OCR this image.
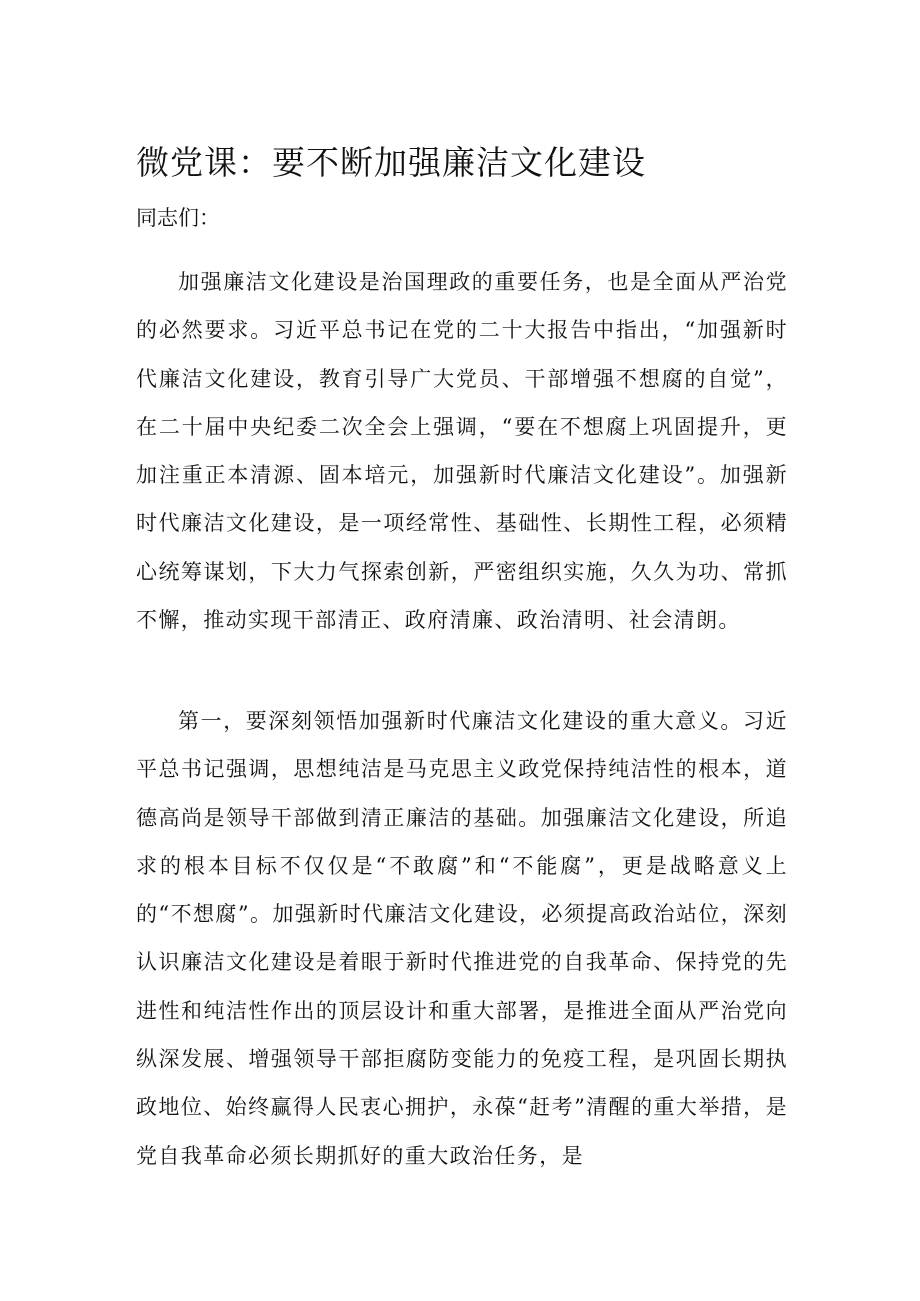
微党课：要不断加强廉洁文化建设

同志们：

加强廉洁文化建设是治国理政的重要任务，也是全面从严治党的必然要求。习近平总书记在党的二十大报告中指出，“加强新时代廉洁文化建设，教育引导广大党员、干部增强不想腐的自觉”，在二十届中央纪委二次全会上强调，“要在不想腐上巩固提升，更加注重正本清源、固本培元，加强新时代廉洁文化建设”。加强新时代廉洁文化建设，是一项经常性、基础性、长期性工程，必须精心统筹谋划，下大力气探索创新，严密组织实施，久久为功、常抓不懈，推动实现干部清正、政府清廉、政治清明、社会清朗。

第一，要深刻领悟加强新时代廉洁文化建设的重大意义。习近平总书记强调，思想纯洁是马克思主义政党保持纯洁性的根本，道德高尚是领导干部做到清正廉洁的基础。加强廉洁文化建设，所追求的根本目标不仅仅是“不敢腐”和“不能腐”，更是战略意义上的“不想腐”。加强新时代廉洁文化建设，必须提高政治站位，深刻认识廉洁文化建设是着眼于新时代推进党的自我革命、保持党的先进性和纯洁性作出的顶层设计和重大部署，是推进全面从严治党向纵深发展、增强领导干部拒腐防变能力的免疫工程，是巩固长期执政地位、始终赢得人民衷心拥护，永葆“赶考”清醒的重大举措，是党自我革命必须长期抓好的重大政治任务，是
